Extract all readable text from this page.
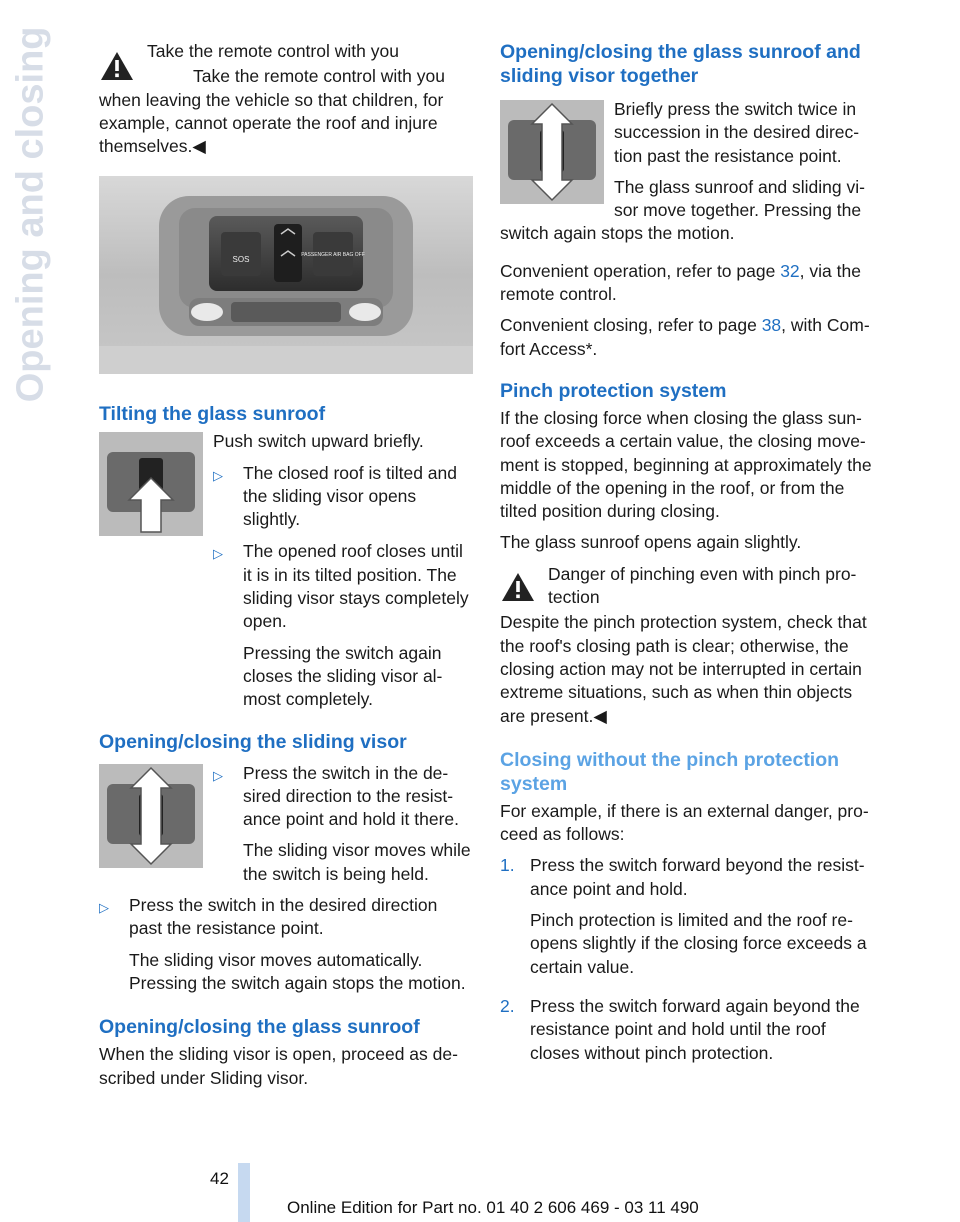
Opening and closing	Take the remote control with you

Take the remote control with you when leaving the vehicle so that children, for example, cannot operate the roof and injure themselves.◀

SOS	PASSENGER AIR BAG OFF
Tilting the glass sunroof

Push switch upward briefly.

▷	The closed roof is tilted and the sliding visor opens slightly.
▷	The opened roof closes until it is in its tilted position. The sliding visor stays completely open.

Pressing the switch again closes the sliding visor al‐ most completely.

Opening/closing the sliding visor
▷	Press the switch in the de‐ sired direction to the resist‐ ance point and hold it there.

The sliding visor moves while the switch is being held.

▷	Press the switch in the desired direction past the resistance point.

The sliding visor moves automatically. Pressing the switch again stops the motion.

Opening/closing the glass sunroof

When the sliding visor is open, proceed as de‐ scribed under Sliding visor.

Opening/closing the glass sunroof and sliding visor together

Briefly press the switch twice in succession in the desired direc‐ tion past the resistance point.

The glass sunroof and sliding vi‐ sor move together. Pressing the switch again stops the motion.

Convenient operation, refer to page 32, via the remote control.

Convenient closing, refer to page 38, with Com‐ fort Access*.

Pinch protection system

If the closing force when closing the glass sun‐ roof exceeds a certain value, the closing move‐ ment is stopped, beginning at approximately the middle of the opening in the roof, or from the tilted position during closing.

The glass sunroof opens again slightly.

Danger of pinching even with pinch pro‐ tection

Despite the pinch protection system, check that the roof's closing path is clear; otherwise, the closing action may not be interrupted in certain extreme situations, such as when thin objects are present.◀

Closing without the pinch protection system

For example, if there is an external danger, pro‐ ceed as follows:

1. Press the switch forward beyond the resist‐ ance point and hold.

Pinch protection is limited and the roof re‐ opens slightly if the closing force exceeds a certain value.

2. Press the switch forward again beyond the resistance point and hold until the roof closes without pinch protection.

42
Online Edition for Part no. 01 40 2 606 469 - 03 11 490
